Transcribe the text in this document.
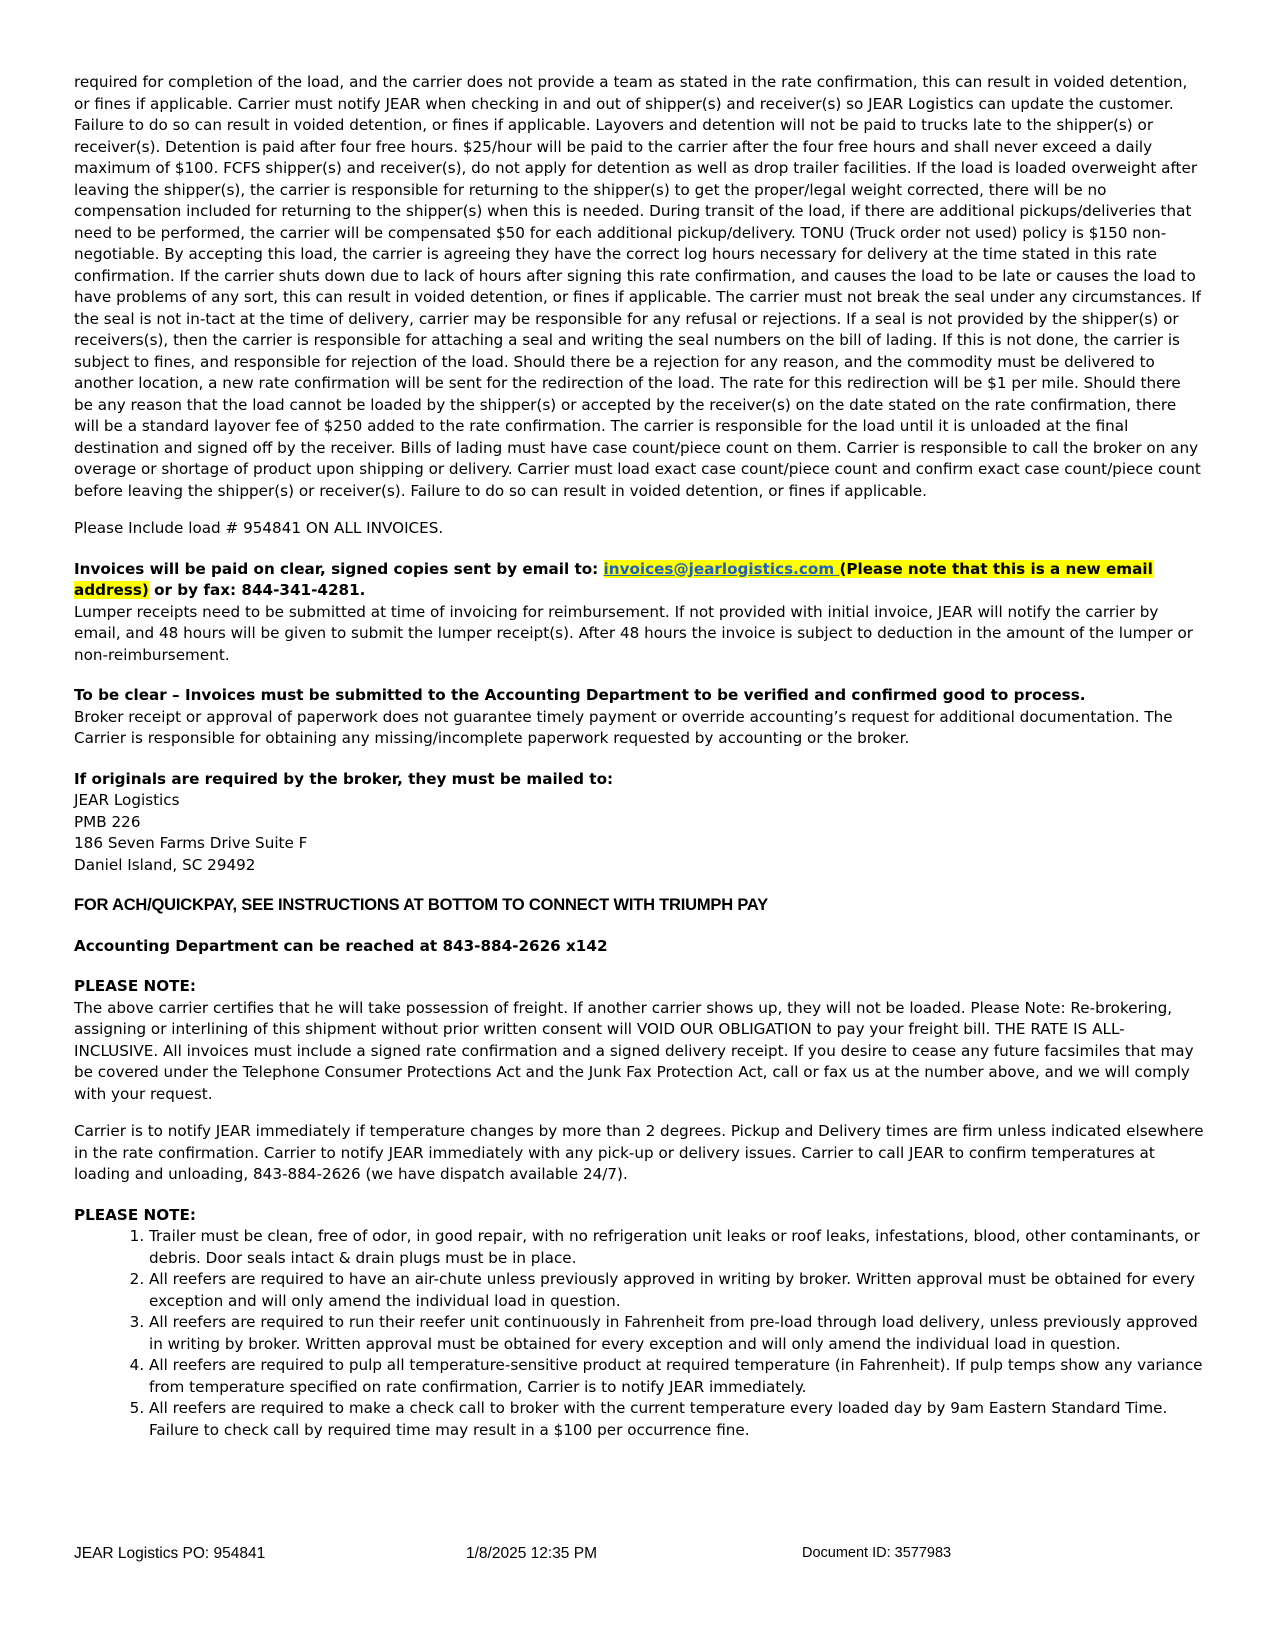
required for completion of the load, and the carrier does not provide a team as stated in the rate confirmation, this can result in voided detention, or fines if applicable. Carrier must notify JEAR when checking in and out of shipper(s) and receiver(s) so JEAR Logistics can update the customer. Failure to do so can result in voided detention, or fines if applicable. Layovers and detention will not be paid to trucks late to the shipper(s) or receiver(s). Detention is paid after four free hours. $25/hour will be paid to the carrier after the four free hours and shall never exceed a daily maximum of $100. FCFS shipper(s) and receiver(s), do not apply for detention as well as drop trailer facilities. If the load is loaded overweight after leaving the shipper(s), the carrier is responsible for returning to the shipper(s) to get the proper/legal weight corrected, there will be no compensation included for returning to the shipper(s) when this is needed. During transit of the load, if there are additional pickups/deliveries that need to be performed, the carrier will be compensated $50 for each additional pickup/delivery. TONU (Truck order not used) policy is $150 non-negotiable. By accepting this load, the carrier is agreeing they have the correct log hours necessary for delivery at the time stated in this rate confirmation. If the carrier shuts down due to lack of hours after signing this rate confirmation, and causes the load to be late or causes the load to have problems of any sort, this can result in voided detention, or fines if applicable. The carrier must not break the seal under any circumstances. If the seal is not in-tact at the time of delivery, carrier may be responsible for any refusal or rejections. If a seal is not provided by the shipper(s) or receivers(s), then the carrier is responsible for attaching a seal and writing the seal numbers on the bill of lading. If this is not done, the carrier is subject to fines, and responsible for rejection of the load. Should there be a rejection for any reason, and the commodity must be delivered to another location, a new rate confirmation will be sent for the redirection of the load. The rate for this redirection will be $1 per mile. Should there be any reason that the load cannot be loaded by the shipper(s) or accepted by the receiver(s) on the date stated on the rate confirmation, there will be a standard layover fee of $250 added to the rate confirmation. The carrier is responsible for the load until it is unloaded at the final destination and signed off by the receiver. Bills of lading must have case count/piece count on them. Carrier is responsible to call the broker on any overage or shortage of product upon shipping or delivery. Carrier must load exact case count/piece count and confirm exact case count/piece count before leaving the shipper(s) or receiver(s). Failure to do so can result in voided detention, or fines if applicable.

Please Include load # 954841 ON ALL INVOICES.

Invoices will be paid on clear, signed copies sent by email to: invoices@jearlogistics.com (Please note that this is a new email address) or by fax: 844-341-4281.

Lumper receipts need to be submitted at time of invoicing for reimbursement. If not provided with initial invoice, JEAR will notify the carrier by email, and 48 hours will be given to submit the lumper receipt(s). After 48 hours the invoice is subject to deduction in the amount of the lumper or non-reimbursement.

To be clear – Invoices must be submitted to the Accounting Department to be verified and confirmed good to process.

Broker receipt or approval of paperwork does not guarantee timely payment or override accounting’s request for additional documentation. The Carrier is responsible for obtaining any missing/incomplete paperwork requested by accounting or the broker.

If originals are required by the broker, they must be mailed to:

JEAR Logistics

PMB 226

186 Seven Farms Drive Suite F

Daniel Island, SC 29492

FOR ACH/QUICKPAY, SEE INSTRUCTIONS AT BOTTOM TO CONNECT WITH TRIUMPH PAY

Accounting Department can be reached at 843-884-2626 x142

PLEASE NOTE:

The above carrier certifies that he will take possession of freight. If another carrier shows up, they will not be loaded. Please Note: Re-brokering, assigning or interlining of this shipment without prior written consent will VOID OUR OBLIGATION to pay your freight bill. THE RATE IS ALL-INCLUSIVE. All invoices must include a signed rate confirmation and a signed delivery receipt. If you desire to cease any future facsimiles that may be covered under the Telephone Consumer Protections Act and the Junk Fax Protection Act, call or fax us at the number above, and we will comply with your request.

Carrier is to notify JEAR immediately if temperature changes by more than 2 degrees. Pickup and Delivery times are firm unless indicated elsewhere in the rate confirmation. Carrier to notify JEAR immediately with any pick-up or delivery issues. Carrier to call JEAR to confirm temperatures at loading and unloading, 843-884-2626 (we have dispatch available 24/7).

PLEASE NOTE:

1. Trailer must be clean, free of odor, in good repair, with no refrigeration unit leaks or roof leaks, infestations, blood, other contaminants, or debris. Door seals intact & drain plugs must be in place.
2. All reefers are required to have an air-chute unless previously approved in writing by broker. Written approval must be obtained for every exception and will only amend the individual load in question.
3. All reefers are required to run their reefer unit continuously in Fahrenheit from pre-load through load delivery, unless previously approved in writing by broker. Written approval must be obtained for every exception and will only amend the individual load in question.
4. All reefers are required to pulp all temperature-sensitive product at required temperature (in Fahrenheit). If pulp temps show any variance from temperature specified on rate confirmation, Carrier is to notify JEAR immediately.
5. All reefers are required to make a check call to broker with the current temperature every loaded day by 9am Eastern Standard Time. Failure to check call by required time may result in a $100 per occurrence fine.
JEAR Logistics PO: 954841	1/8/2025 12:35 PM	Document ID: 3577983
